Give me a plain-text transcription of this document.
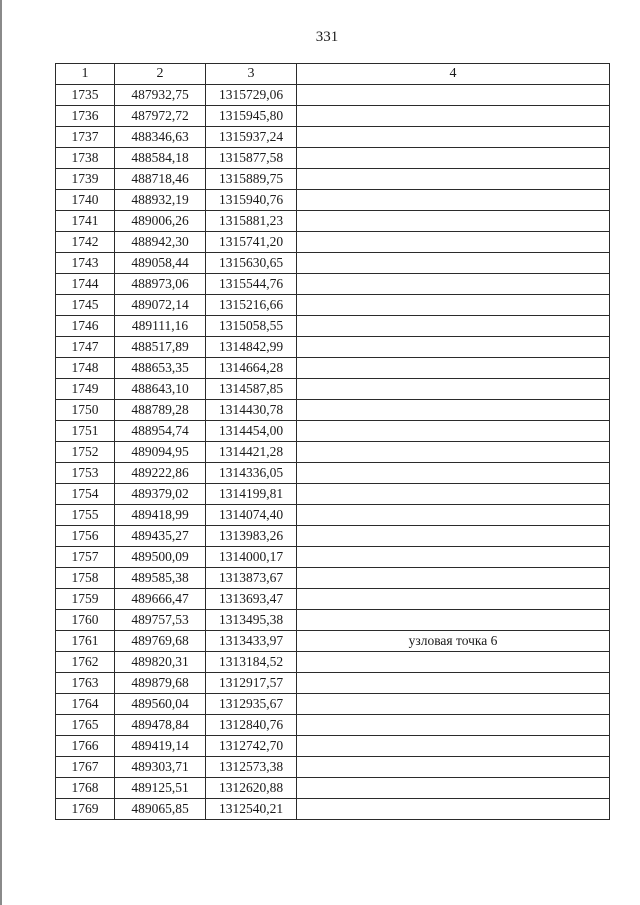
331
1	2	3	4
1735	487932,75	1315729,06	
1736	487972,72	1315945,80	
1737	488346,63	1315937,24	
1738	488584,18	1315877,58	
1739	488718,46	1315889,75	
1740	488932,19	1315940,76	
1741	489006,26	1315881,23	
1742	488942,30	1315741,20	
1743	489058,44	1315630,65	
1744	488973,06	1315544,76	
1745	489072,14	1315216,66	
1746	489111,16	1315058,55	
1747	488517,89	1314842,99	
1748	488653,35	1314664,28	
1749	488643,10	1314587,85	
1750	488789,28	1314430,78	
1751	488954,74	1314454,00	
1752	489094,95	1314421,28	
1753	489222,86	1314336,05	
1754	489379,02	1314199,81	
1755	489418,99	1314074,40	
1756	489435,27	1313983,26	
1757	489500,09	1314000,17	
1758	489585,38	1313873,67	
1759	489666,47	1313693,47	
1760	489757,53	1313495,38	
1761	489769,68	1313433,97	узловая точка 6
1762	489820,31	1313184,52	
1763	489879,68	1312917,57	
1764	489560,04	1312935,67	
1765	489478,84	1312840,76	
1766	489419,14	1312742,70	
1767	489303,71	1312573,38	
1768	489125,51	1312620,88	
1769	489065,85	1312540,21	
